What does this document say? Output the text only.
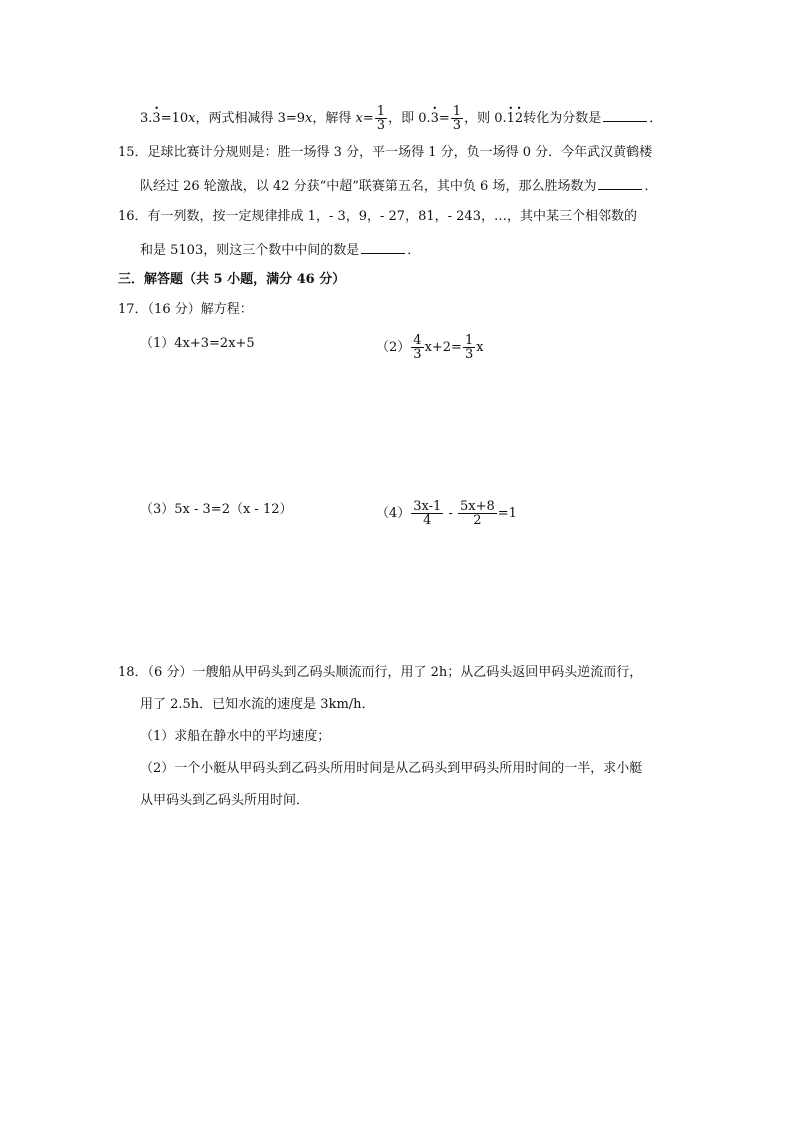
3.• 3=10x，两式相减得 3=9x，解得 $x= \frac{1}{3}$ ，即 0.• $3= \frac{1}{3}$ ，则 0.• 1• 2转化为分数是	．
15．足球比赛计分规则是：胜一场得 3 分，平一场得 1 分，负一场得 0 分．今年武汉黄鹤楼
队经过 26 轮激战，以 42 分获“中超”联赛第五名，其中负 6 场，那么胜场数为	．
16．有一列数，按一定规律排成 1，- 3，9，- 27，81，- 243，…，其中某三个相邻数的
和是 5103，则这三个数中中间的数是	．
三．解答题（共 5 小题，满分 46 分）
17．（16 分）解方程：
（1）4x+3=2x+5	$(2) \frac{4}{3} x+2= \frac{1}{3}$ x
（3）5x - 3=2（x - 12）	$(4) \frac{3x-1}{4} - \frac{5x+8}{2} =1$
18．（6 分）一艘船从甲码头到乙码头顺流而行，用了 2h；从乙码头返回甲码头逆流而行，
用了 2.5h．已知水流的速度是 3km/h．
（1）求船在静水中的平均速度；
（2）一个小艇从甲码头到乙码头所用时间是从乙码头到甲码头所用时间的一半，求小艇
从甲码头到乙码头所用时间．
